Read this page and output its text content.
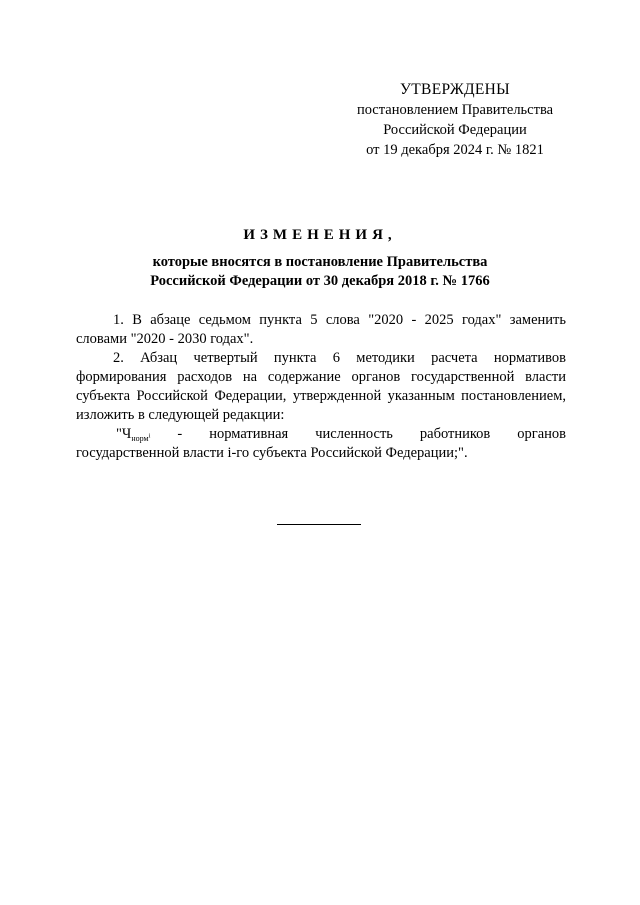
УТВЕРЖДЕНЫ
постановлением Правительства
Российской Федерации
от 19 декабря 2024 г. № 1821
ИЗМЕНЕНИЯ,
которые вносятся в постановление Правительства
Российской Федерации от 30 декабря 2018 г. № 1766

1. В абзаце седьмом пункта 5 слова "2020 - 2025 годах" заменить словами "2020 - 2030 годах".

2. Абзац четвертый пункта 6 методики расчета нормативов

формирования расходов на содержание органов государственной власти субъекта Российской Федерации, утвержденной указанным постановлением, изложить в следующей редакции:

"$Ч_{норм^i}$ - нормативная численность работников органов

государственной власти i-го субъекта Российской Федерации;".
